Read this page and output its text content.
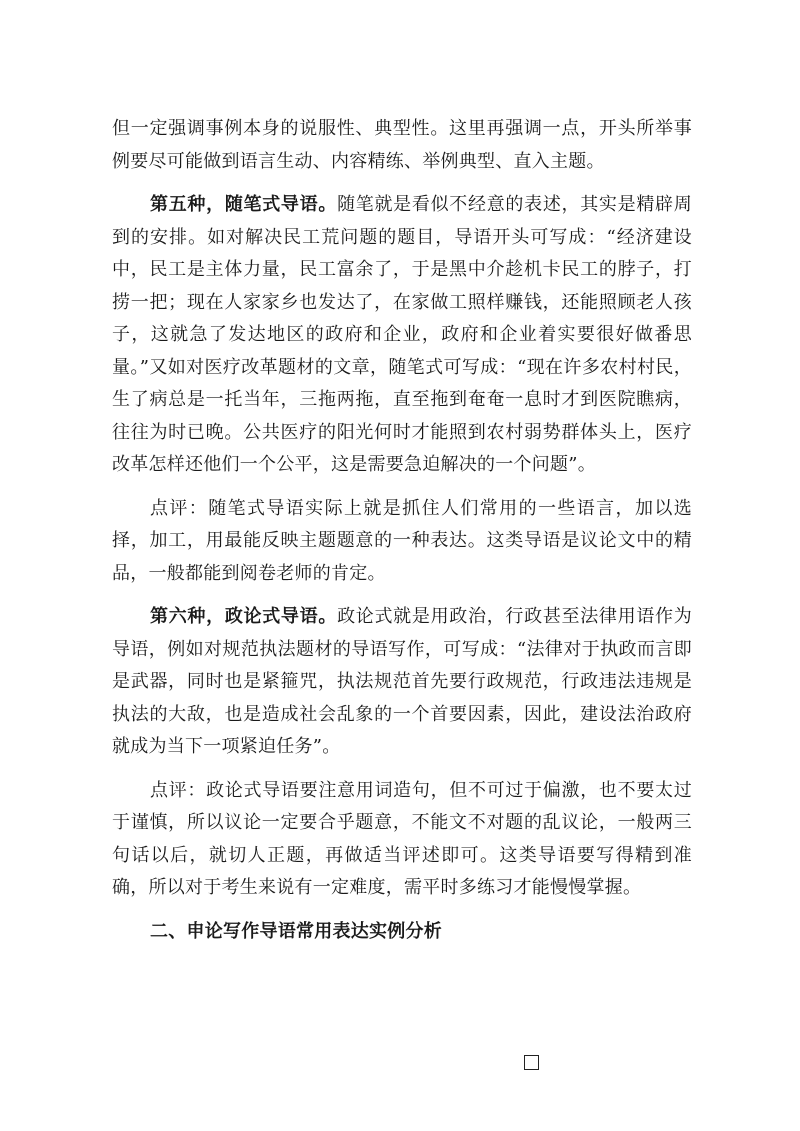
但一定强调事例本身的说服性、典型性。这里再强调一点，开头所举事例要尽可能做到语言生动、内容精练、举例典型、直入主题。

第五种，随笔式导语。随笔就是看似不经意的表述，其实是精辟周到的安排。如对解决民工荒问题的题目，导语开头可写成：“经济建设中，民工是主体力量，民工富余了，于是黑中介趁机卡民工的脖子，打捞一把；现在人家家乡也发达了，在家做工照样赚钱，还能照顾老人孩子，这就急了发达地区的政府和企业，政府和企业着实要很好做番思量。”又如对医疗改革题材的文章，随笔式可写成：“现在许多农村村民，生了病总是一托当年，三拖两拖，直至拖到奄奄一息时才到医院瞧病，往往为时已晚。公共医疗的阳光何时才能照到农村弱势群体头上，医疗改革怎样还他们一个公平，这是需要急迫解决的一个问题”。

点评：随笔式导语实际上就是抓住人们常用的一些语言，加以选择，加工，用最能反映主题题意的一种表达。这类导语是议论文中的精品，一般都能到阅卷老师的肯定。

第六种，政论式导语。政论式就是用政治，行政甚至法律用语作为导语，例如对规范执法题材的导语写作，可写成：“法律对于执政而言即是武器，同时也是紧箍咒，执法规范首先要行政规范，行政违法违规是执法的大敌，也是造成社会乱象的一个首要因素，因此，建设法治政府就成为当下一项紧迫任务”。

点评：政论式导语要注意用词造句，但不可过于偏激，也不要太过于谨慎，所以议论一定要合乎题意，不能文不对题的乱议论，一般两三句话以后，就切人正题，再做适当评述即可。这类导语要写得精到准确，所以对于考生来说有一定难度，需平时多练习才能慢慢掌握。

二、申论写作导语常用表达实例分析
